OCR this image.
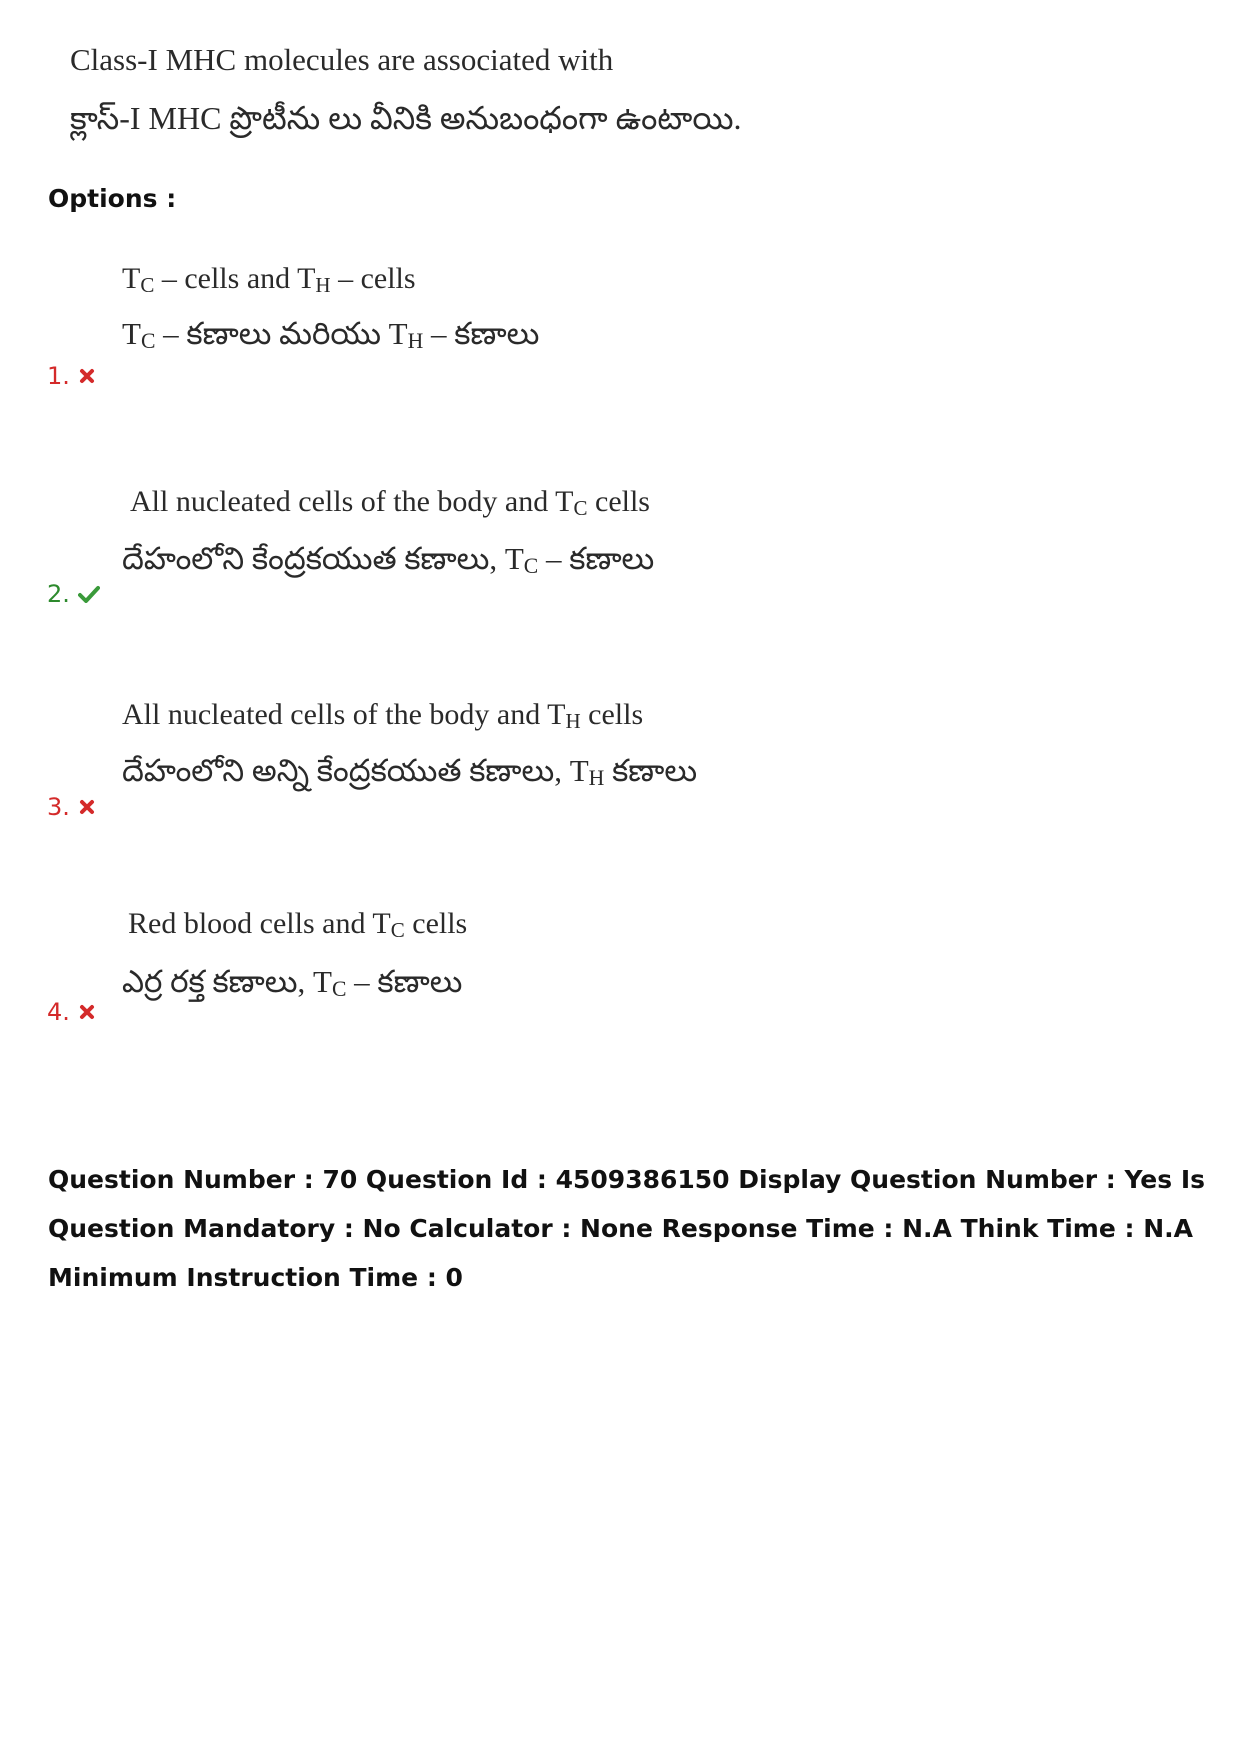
Class-I MHC molecules are associated with
క్లాస్-I MHC ప్రొటీను లు వీనికి అనుబంధంగా ఉంటాయి.
Options :
$T_C$ – cells and $T_H$ – cells
$T_C$ – కణాలు మరియు $T_H$ – కణాలు
1.
All nucleated cells of the body and $T_C$ cells
దేహంలోని కేంద్రకయుత కణాలు, $T_C$ – కణాలు
2.
All nucleated cells of the body and $T_H$ cells
దేహంలోని అన్ని కేంద్రకయుత కణాలు, $T_H$ కణాలు
3.
Red blood cells and $T_C$ cells
ఎర్ర రక్త కణాలు, $T_C$ – కణాలు
4.
Question Number : 70 Question Id : 4509386150 Display Question Number : Yes Is Question Mandatory : No Calculator : None Response Time : N.A Think Time : N.A Minimum Instruction Time : 0
